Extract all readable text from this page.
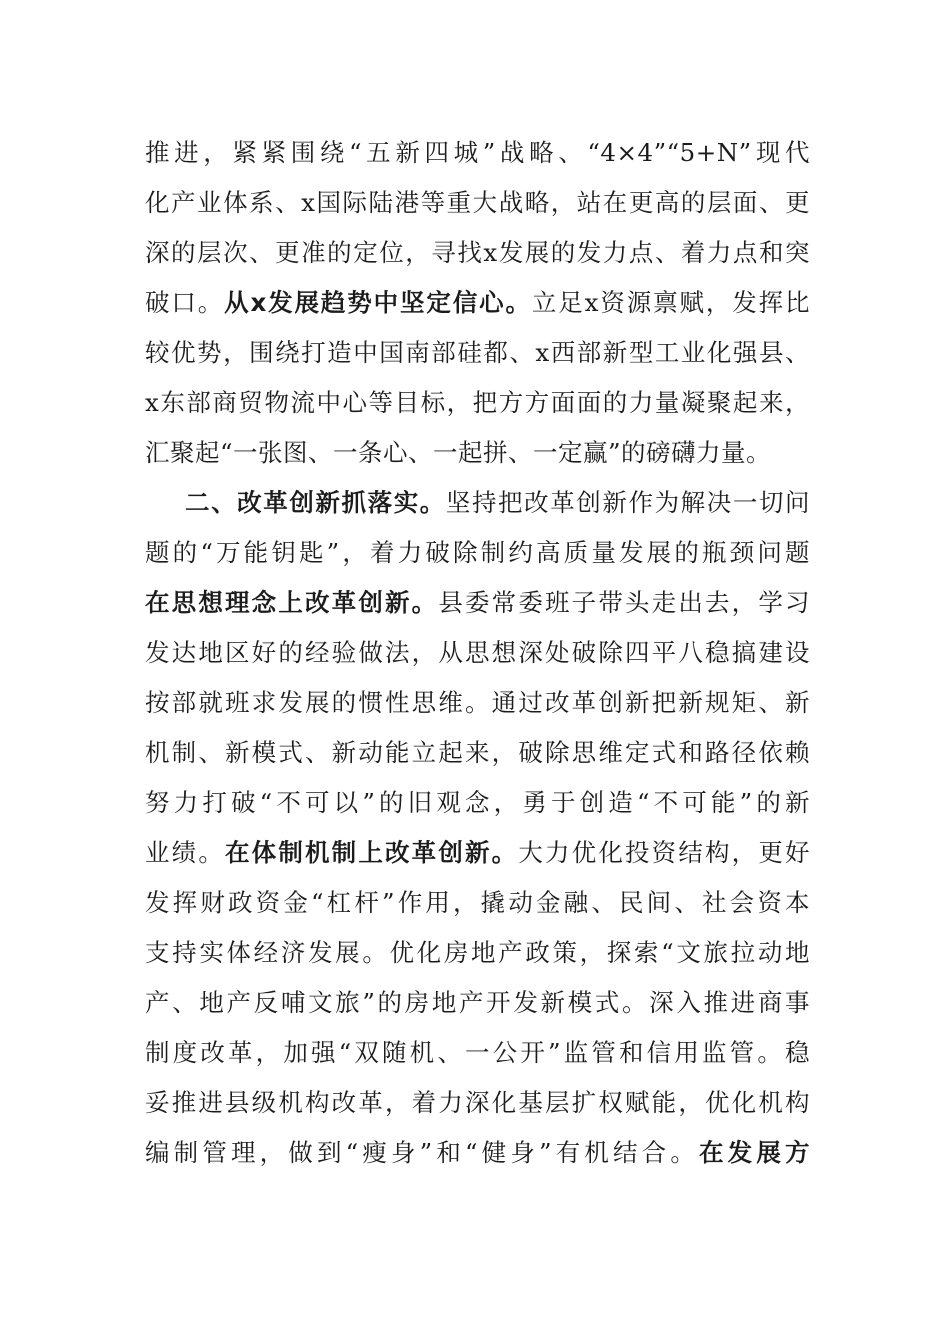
推进，紧紧围绕“五新四城”战略、“4×4”“5+N”现代
化产业体系、x国际陆港等重大战略，站在更高的层面、更
深的层次、更准的定位，寻找x发展的发力点、着力点和突
破口。从x发展趋势中坚定信心。立足x资源禀赋，发挥比
较优势，围绕打造中国南部硅都、x西部新型工业化强县、
x东部商贸物流中心等目标，把方方面面的力量凝聚起来，
汇聚起“一张图、一条心、一起拼、一定赢”的磅礴力量。
二、改革创新抓落实。坚持把改革创新作为解决一切问
题的“万能钥匙”，着力破除制约高质量发展的瓶颈问题
在思想理念上改革创新。县委常委班子带头走出去，学习
发达地区好的经验做法，从思想深处破除四平八稳搞建设
按部就班求发展的惯性思维。通过改革创新把新规矩、新
机制、新模式、新动能立起来，破除思维定式和路径依赖
努力打破“不可以”的旧观念，勇于创造“不可能”的新
业绩。在体制机制上改革创新。大力优化投资结构，更好
发挥财政资金“杠杆”作用，撬动金融、民间、社会资本
支持实体经济发展。优化房地产政策，探索“文旅拉动地
产、地产反哺文旅”的房地产开发新模式。深入推进商事
制度改革，加强“双随机、一公开”监管和信用监管。稳
妥推进县级机构改革，着力深化基层扩权赋能，优化机构
编制管理，做到“瘦身”和“健身”有机结合。在发展方
